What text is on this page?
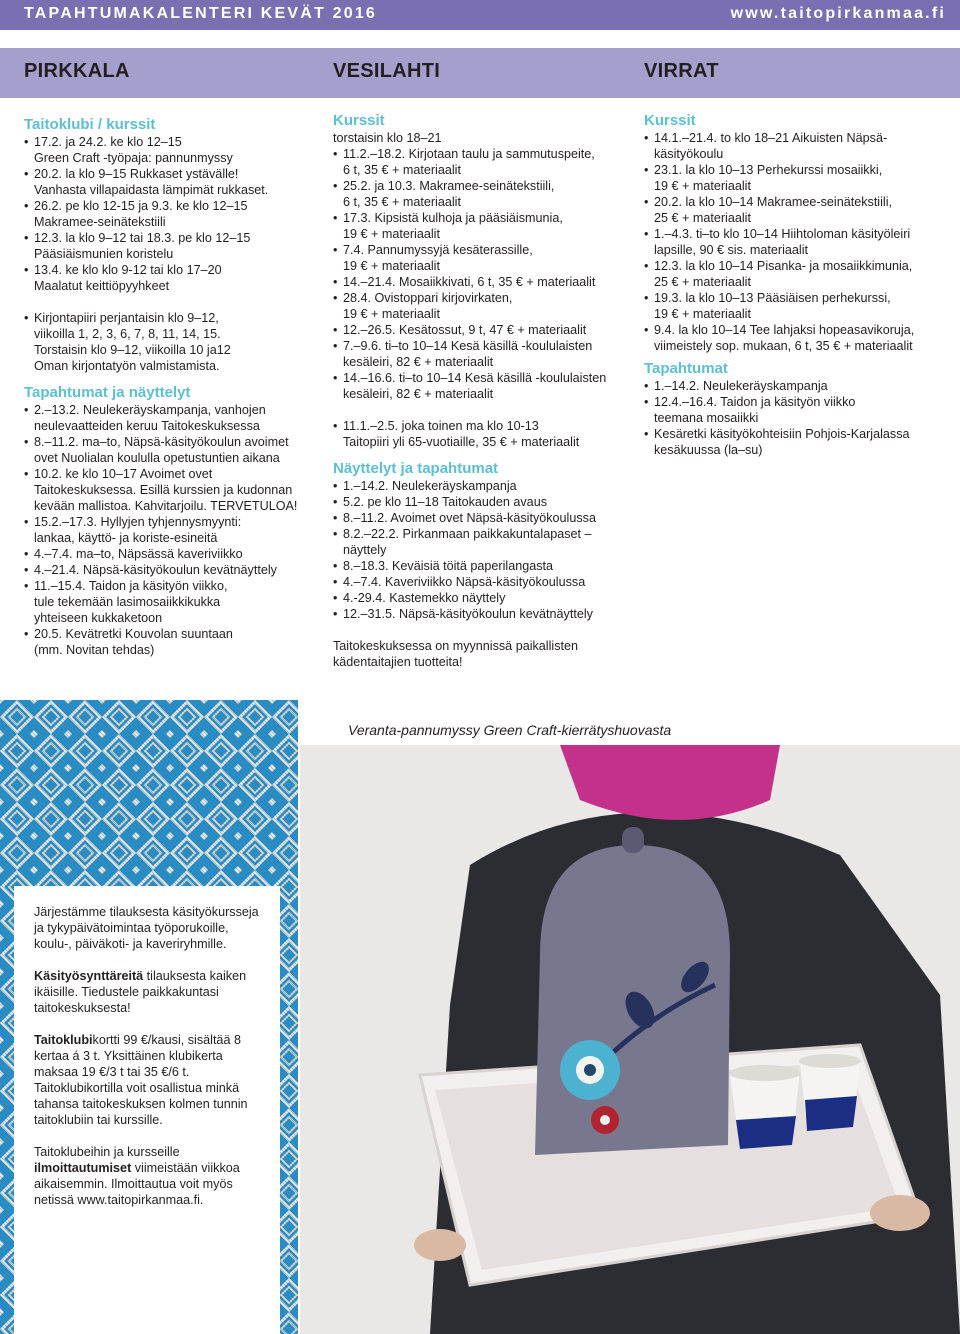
TAPAHTUMAKALENTERI KEVÄT 2016	www.taitopirkanmaa.fi
PIRKKALA	VESILAHTI	VIRRAT
Taitoklubi / kurssit
• 17.2. ja 24.2. ke klo 12–15
Green Craft -työpaja: pannunmyssy
• 20.2. la klo 9–15 Rukkaset ystävälle!
Vanhasta villapaidasta lämpimät rukkaset.
• 26.2. pe klo 12-15 ja 9.3. ke klo 12–15
Makramee-seinätekstiili
• 12.3. la klo 9–12 tai 18.3. pe klo 12–15
Pääsiäismunien koristelu
• 13.4. ke klo klo 9-12 tai klo 17–20
Maalatut keittiöpyyhkeet
• Kirjontapiiri perjantaisin klo 9–12,
viikoilla 1, 2, 3, 6, 7, 8, 11, 14, 15.
Torstaisin klo 9–12, viikoilla 10 ja12
Oman kirjontatyön valmistamista.
Tapahtumat ja näyttelyt
• 2.–13.2. Neulekeräyskampanja, vanhojen
neulevaatteiden keruu Taitokeskuksessa
• 8.–11.2. ma–to, Näpsä-käsityökoulun avoimet
ovet Nuolialan koululla opetustuntien aikana
• 10.2. ke klo 10–17 Avoimet ovet
Taitokeskuksessa. Esillä kurssien ja kudonnan
kevään mallistoa. Kahvitarjoilu. TERVETULOA!
• 15.2.–17.3. Hyllyjen tyhjennysmyynti:
lankaa, käyttö- ja koriste-esineitä
• 4.–7.4. ma–to, Näpsässä kaveriviikko
• 4.–21.4. Näpsä-käsityökoulun kevätnäyttely
• 11.–15.4. Taidon ja käsityön viikko,
tule tekemään lasimosaiikkikukka
yhteiseen kukkaketoon
• 20.5. Kevätretki Kouvolan suuntaan
(mm. Novitan tehdas)
Kurssit

torstaisin klo 18–21

• 11.2.–18.2. Kirjotaan taulu ja sammutuspeite,
6 t, 35 € + materiaalit
• 25.2. ja 10.3. Makramee-seinätekstiili,
6 t, 35 € + materiaalit
• 17.3. Kipsistä kulhoja ja pääsiäismunia,
19 € + materiaalit
• 7.4. Pannumyssyjä kesäterassille,
19 € + materiaalit
• 14.–21.4. Mosaiikkivati, 6 t, 35 € + materiaalit
• 28.4. Ovistoppari kirjovirkaten,
19 € + materiaalit
• 12.–26.5. Kesätossut, 9 t, 47 € + materiaalit
• 7.–9.6. ti–to 10–14 Kesä käsillä -koululaisten
kesäleiri, 82 € + materiaalit
• 14.–16.6. ti–to 10–14 Kesä käsillä -koululaisten
kesäleiri, 82 € + materiaalit
• 11.1.–2.5. joka toinen ma klo 10-13
Taitopiiri yli 65-vuotiaille, 35 € + materiaalit
Näyttelyt ja tapahtumat
• 1.–14.2. Neulekeräyskampanja
• 5.2. pe klo 11–18 Taitokauden avaus
• 8.–11.2. Avoimet ovet Näpsä-käsityökoulussa
• 8.2.–22.2. Pirkanmaan paikkakuntalapaset –
näyttely
• 8.–18.3. Keväisiä töitä paperilangasta
• 4.–7.4. Kaveriviikko Näpsä-käsityökoulussa
• 4.-29.4. Kastemekko näyttely
• 12.–31.5. Näpsä-käsityökoulun kevätnäyttely

Taitokeskuksessa on myynnissä paikallisten
kädentaitajien tuotteita!

Kurssit
• 14.1.–21.4. to klo 18–21 Aikuisten Näpsä-
käsityökoulu
• 23.1. la klo 10–13 Perhekurssi mosaiikki,
19 € + materiaalit
• 20.2. la klo 10–14 Makramee-seinätekstiili,
25 € + materiaalit
• 1.–4.3. ti–to klo 10–14 Hiihtoloman käsityöleiri
lapsille, 90 € sis. materiaalit
• 12.3. la klo 10–14 Pisanka- ja mosaiikkimunia,
25 € + materiaalit
• 19.3. la klo 10–13 Pääsiäisen perhekurssi,
19 € + materiaalit
• 9.4. la klo 10–14 Tee lahjaksi hopeasavikoruja,
viimeistely sop. mukaan, 6 t, 35 € + materiaalit
Tapahtumat
• 1.–14.2. Neulekeräyskampanja
• 12.4.–16.4. Taidon ja käsityön viikko
teemana mosaiikki
• Kesäretki käsityökohteisiin Pohjois-Karjalassa
kesäkuussa (la–su)
Veranta-pannumyssy Green Craft-kierrätyshuovasta

Järjestämme tilauksesta käsityökursseja ja tykypäivätoimintaa työporukoille, koulu-, päiväkoti- ja kaveriryhmille.

Käsityösynttäreitä tilauksesta kaiken ikäisille. Tiedustele paikkakuntasi taitokeskuksesta!

Taitoklubikortti 99 €/kausi, sisältää 8 kertaa á 3 t. Yksittäinen klubikerta maksaa 19 €/3 t tai 35 €/6 t. Taitoklubikortilla voit osallistua minkä tahansa taitokeskuksen kolmen tunnin taitoklubiin tai kurssille.

Taitoklubeihin ja kursseille ilmoittautumiset viimeistään viikkoa aikaisemmin. Ilmoittautua voit myös netissä www.taitopirkanmaa.fi.
